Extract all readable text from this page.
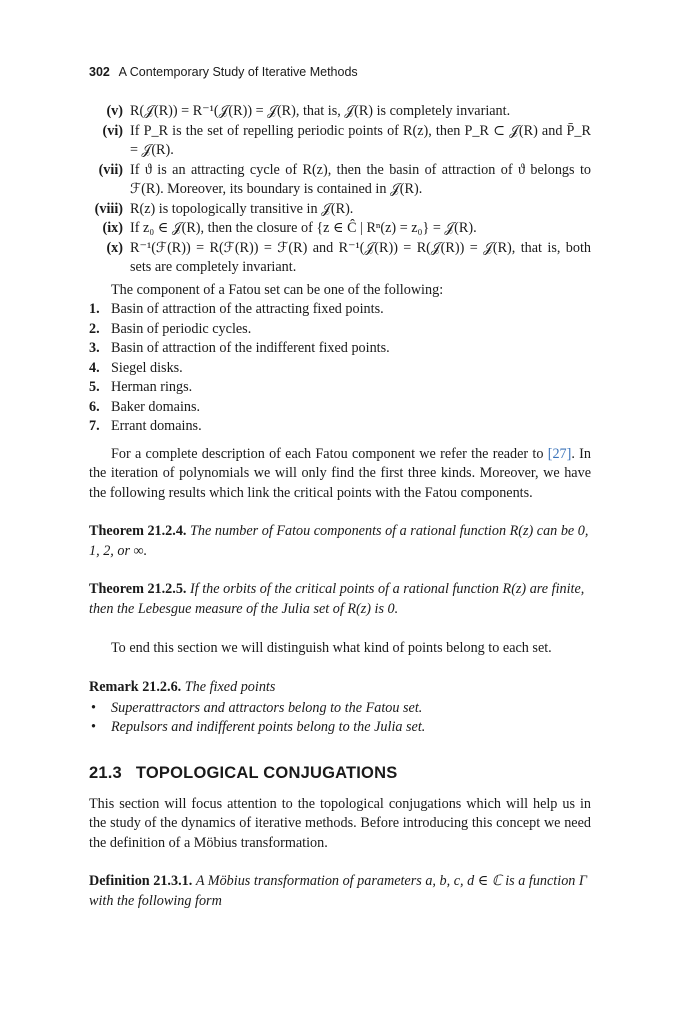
302 A Contemporary Study of Iterative Methods
(v) R(𝒥(R)) = R⁻¹(𝒥(R)) = 𝒥(R), that is, 𝒥(R) is completely invariant.
(vi) If P_R is the set of repelling periodic points of R(z), then P_R ⊂ 𝒥(R) and P̄_R = 𝒥(R).
(vii) If ϑ is an attracting cycle of R(z), then the basin of attraction of ϑ belongs to ℱ(R). Moreover, its boundary is contained in 𝒥(R).
(viii) R(z) is topologically transitive in 𝒥(R).
(ix) If z₀ ∈ 𝒥(R), then the closure of {z ∈ Ĉ | Rⁿ(z) = z₀} = 𝒥(R).
(x) R⁻¹(ℱ(R)) = R(ℱ(R)) = ℱ(R) and R⁻¹(𝒥(R)) = R(𝒥(R)) = 𝒥(R), that is, both sets are completely invariant.
The component of a Fatou set can be one of the following:
1. Basin of attraction of the attracting fixed points.
2. Basin of periodic cycles.
3. Basin of attraction of the indifferent fixed points.
4. Siegel disks.
5. Herman rings.
6. Baker domains.
7. Errant domains.
For a complete description of each Fatou component we refer the reader to [27]. In the iteration of polynomials we will only find the first three kinds. Moreover, we have the following results which link the critical points with the Fatou components.
Theorem 21.2.4. The number of Fatou components of a rational function R(z) can be 0, 1, 2, or ∞.
Theorem 21.2.5. If the orbits of the critical points of a rational function R(z) are finite, then the Lebesgue measure of the Julia set of R(z) is 0.
To end this section we will distinguish what kind of points belong to each set.
Remark 21.2.6. The fixed points
• Superattractors and attractors belong to the Fatou set.
• Repulsors and indifferent points belong to the Julia set.
21.3 TOPOLOGICAL CONJUGATIONS
This section will focus attention to the topological conjugations which will help us in the study of the dynamics of iterative methods. Before introducing this concept we need the definition of a Möbius transformation.
Definition 21.3.1. A Möbius transformation of parameters a, b, c, d ∈ ℂ is a function Γ with the following form
